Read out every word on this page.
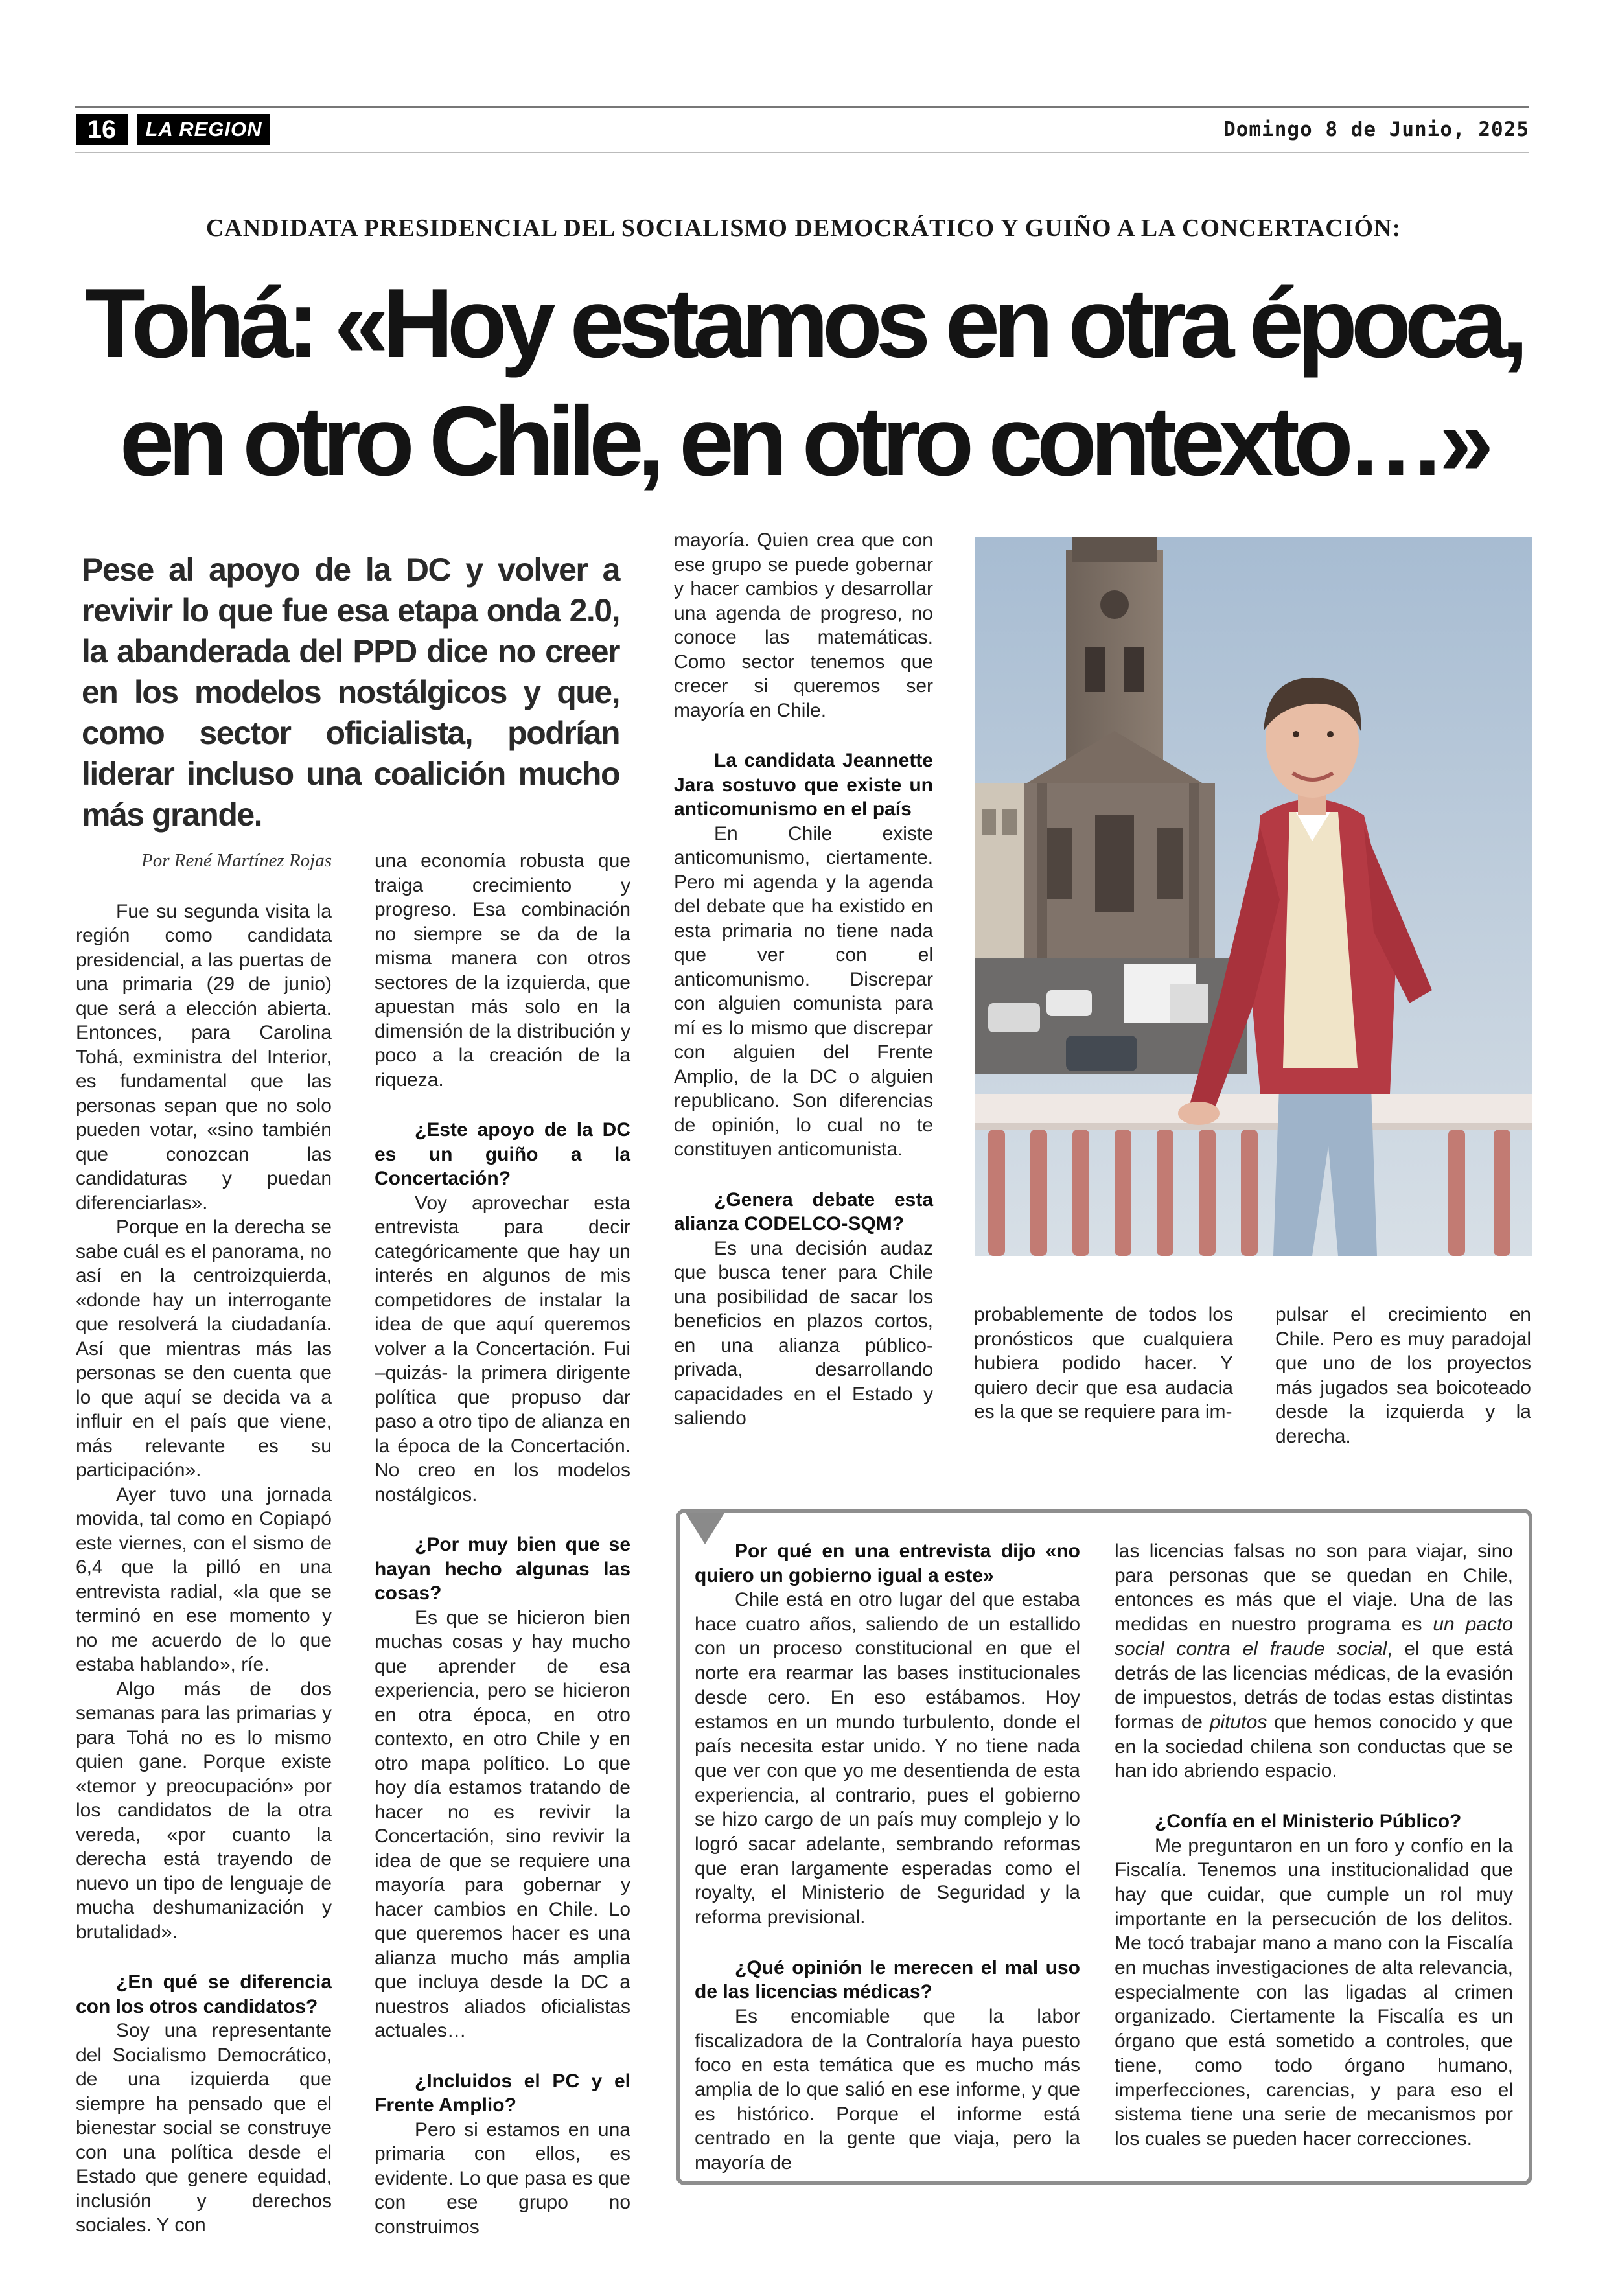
16	LA REGION	Domingo 8 de Junio, 2025
CANDIDATA PRESIDENCIAL DEL SOCIALISMO DEMOCRÁTICO Y GUIÑO A LA CONCERTACIÓN:
Tohá: «Hoy estamos en otra época,
en otro Chile, en otro contexto…»
Pese al apoyo de la DC y volver a revivir lo que fue esa etapa onda 2.0, la abanderada del PPD dice no creer en los modelos nostálgicos y que, como sector oficialista, podrían liderar incluso una coalición mucho más grande.
Por René Martínez Rojas

Fue su segunda visita la región como candidata presidencial, a las puertas de una primaria (29 de junio) que será a elección abierta. Entonces, para Carolina Tohá, exministra del Interior, es fundamental que las personas sepan que no solo pueden votar, «sino también que conozcan las candidaturas y puedan diferenciarlas».

Porque en la derecha se sabe cuál es el panorama, no así en la centroizquierda, «donde hay un interrogante que resolverá la ciudadanía. Así que mientras más las personas se den cuenta que lo que aquí se decida va a influir en el país que viene, más relevante es su participación».

Ayer tuvo una jornada movida, tal como en Copiapó este viernes, con el sismo de 6,4 que la pilló en una entrevista radial, «la que se terminó en ese momento y no me acuerdo de lo que estaba hablando», ríe.

Algo más de dos semanas para las primarias y para Tohá no es lo mismo quien gane. Porque existe «temor y preocupación» por los candidatos de la otra vereda, «por cuanto la derecha está trayendo de nuevo un tipo de lenguaje de mucha deshumanización y brutalidad».

¿En qué se diferencia con los otros candidatos?

Soy una representante del Socialismo Democrático, de una izquierda que siempre ha pensado que el bienestar social se construye con una política desde el Estado que genere equidad, inclusión y derechos sociales. Y con

una economía robusta que traiga crecimiento y progreso. Esa combinación no siempre se da de la misma manera con otros sectores de la izquierda, que apuestan más solo en la dimensión de la distribución y poco a la creación de la riqueza.

¿Este apoyo de la DC es un guiño a la Concertación?

Voy aprovechar esta entrevista para decir categóricamente que hay un interés en algunos de mis competidores de instalar la idea de que aquí queremos volver a la Concertación. Fui –quizás- la primera dirigente política que propuso dar paso a otro tipo de alianza en la época de la Concertación. No creo en los modelos nostálgicos.

¿Por muy bien que se hayan hecho algunas las cosas?

Es que se hicieron bien muchas cosas y hay mucho que aprender de esa experiencia, pero se hicieron en otra época, en otro contexto, en otro Chile y en otro mapa político. Lo que hoy día estamos tratando de hacer no es revivir la Concertación, sino revivir la idea de que se requiere una mayoría para gobernar y hacer cambios en Chile. Lo que queremos hacer es una alianza mucho más amplia que incluya desde la DC a nuestros aliados oficialistas actuales…

¿Incluidos el PC y el Frente Amplio?

Pero si estamos en una primaria con ellos, es evidente. Lo que pasa es que con ese grupo no construimos

mayoría. Quien crea que con ese grupo se puede gobernar y hacer cambios y desarrollar una agenda de progreso, no conoce las matemáticas. Como sector tenemos que crecer si queremos ser mayoría en Chile.

La candidata Jeannette Jara sostuvo que existe un anticomunismo en el país

En Chile existe anticomunismo, ciertamente. Pero mi agenda y la agenda del debate que ha existido en esta primaria no tiene nada que ver con el anticomunismo. Discrepar con alguien comunista para mí es lo mismo que discrepar con alguien del Frente Amplio, de la DC o alguien republicano. Son diferencias de opinión, lo cual no te constituyen anticomunista.

¿Genera debate esta alianza CODELCO-SQM?

Es una decisión audaz que busca tener para Chile una posibilidad de sacar los beneficios en plazos cortos, en una alianza público-privada, desarrollando capacidades en el Estado y saliendo

probablemente de todos los pronósticos que cualquiera hubiera podido hacer. Y quiero decir que esa audacia es la que se requiere para im-

pulsar el crecimiento en Chile. Pero es muy paradojal que uno de los proyectos más jugados sea boicoteado desde la izquierda y la derecha.

Por qué en una entrevista dijo «no quiero un gobierno igual a este»

Chile está en otro lugar del que estaba hace cuatro años, saliendo de un estallido con un proceso constitucional en que el norte era rearmar las bases institucionales desde cero. En eso estábamos. Hoy estamos en un mundo turbulento, donde el país necesita estar unido. Y no tiene nada que ver con que yo me desentienda de esta experiencia, al contrario, pues el gobierno se hizo cargo de un país muy complejo y lo logró sacar adelante, sembrando reformas que eran largamente esperadas como el royalty, el Ministerio de Seguridad y la reforma previsional.

¿Qué opinión le merecen el mal uso de las licencias médicas?

Es encomiable que la labor fiscalizadora de la Contraloría haya puesto foco en esta temática que es mucho más amplia de lo que salió en ese informe, y que es histórico. Porque el informe está centrado en la gente que viaja, pero la mayoría de

las licencias falsas no son para viajar, sino para personas que se quedan en Chile, entonces es más que el viaje. Una de las medidas en nuestro programa es un pacto social contra el fraude social, el que está detrás de las licencias médicas, de la evasión de impuestos, detrás de todas estas distintas formas de pitutos que hemos conocido y que en la sociedad chilena son conductas que se han ido abriendo espacio.

¿Confía en el Ministerio Público?

Me preguntaron en un foro y confío en la Fiscalía. Tenemos una institucionalidad que hay que cuidar, que cumple un rol muy importante en la persecución de los delitos. Me tocó trabajar mano a mano con la Fiscalía en muchas investigaciones de alta relevancia, especialmente con las ligadas al crimen organizado. Ciertamente la Fiscalía es un órgano que está sometido a controles, que tiene, como todo órgano humano, imperfecciones, carencias, y para eso el sistema tiene una serie de mecanismos por los cuales se pueden hacer correcciones.
